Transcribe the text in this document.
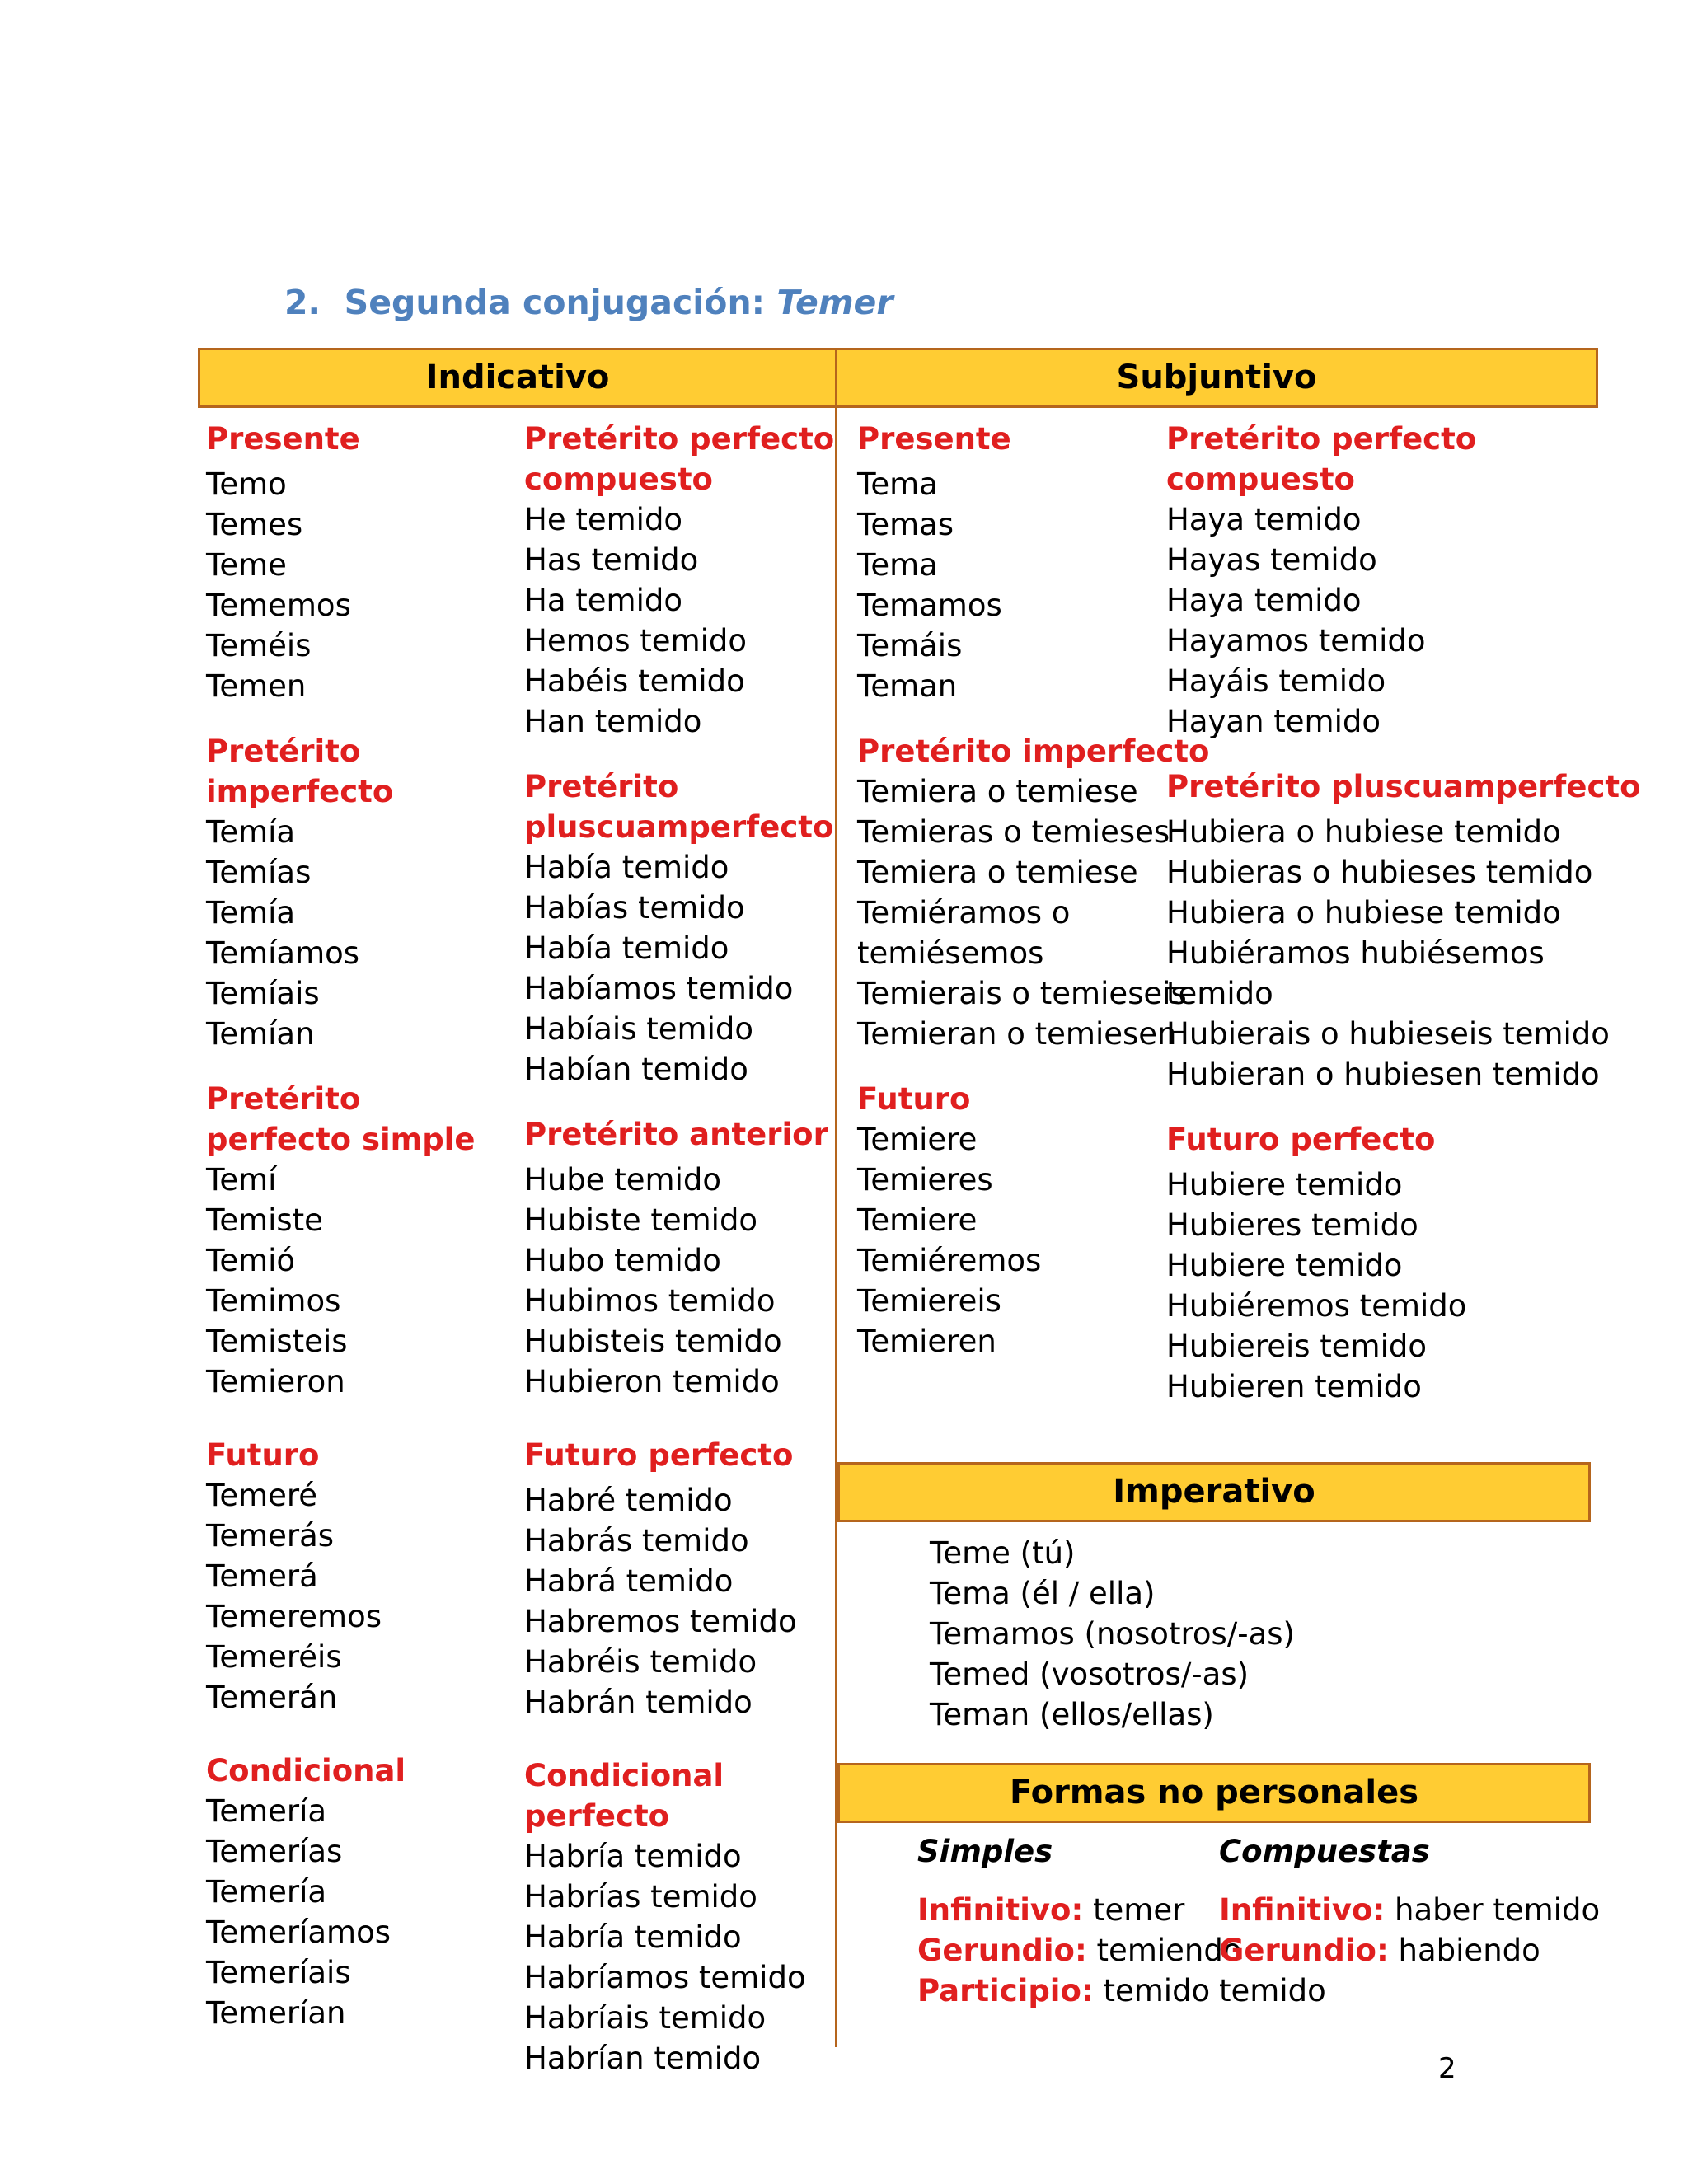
2. Segunda conjugación: Temer
Indicativo	Subjuntivo
Presente
Temo
Temes
Teme
Tememos
Teméis
Temen
Pretérito
imperfecto
Temía
Temías
Temía
Temíamos
Temíais
Temían
Pretérito
perfecto simple
Temí
Temiste
Temió
Temimos
Temisteis
Temieron
Futuro
Temeré
Temerás
Temerá
Temeremos
Temeréis
Temerán
Condicional
Temería
Temerías
Temería
Temeríamos
Temeríais
Temerían
Pretérito perfecto
compuesto
He temido
Has temido
Ha temido
Hemos temido
Habéis temido
Han temido
Pretérito
pluscuamperfecto
Había temido
Habías temido
Había temido
Habíamos temido
Habíais temido
Habían temido
Pretérito anterior
Hube temido
Hubiste temido
Hubo temido
Hubimos temido
Hubisteis temido
Hubieron temido
Futuro perfecto
Habré temido
Habrás temido
Habrá temido
Habremos temido
Habréis temido
Habrán temido
Condicional
perfecto
Habría temido
Habrías temido
Habría temido
Habríamos temido
Habríais temido
Habrían temido
Presente
Tema
Temas
Tema
Temamos
Temáis
Teman
Pretérito imperfecto
Temiera o temiese
Temieras o temieses
Temiera o temiese
Temiéramos o
temiésemos
Temierais o temieseis
Temieran o temiesen
Futuro
Temiere
Temieres
Temiere
Temiéremos
Temiereis
Temieren
Pretérito perfecto
compuesto
Haya temido
Hayas temido
Haya temido
Hayamos temido
Hayáis temido
Hayan temido
Pretérito pluscuamperfecto
Hubiera o hubiese temido
Hubieras o hubieses temido
Hubiera o hubiese temido
Hubiéramos hubiésemos
temido
Hubierais o hubieseis temido
Hubieran o hubiesen temido
Futuro perfecto
Hubiere temido
Hubieres temido
Hubiere temido
Hubiéremos temido
Hubiereis temido
Hubieren temido
Imperativo
Teme (tú)
Tema (él / ella)
Temamos (nosotros/-as)
Temed (vosotros/-as)
Teman (ellos/ellas)
Formas no personales
Simples
Infinitivo: temer
Gerundio: temiendo
Participio: temido
Compuestas
Infinitivo: haber temido
Gerundio: habiendo
temido
2
